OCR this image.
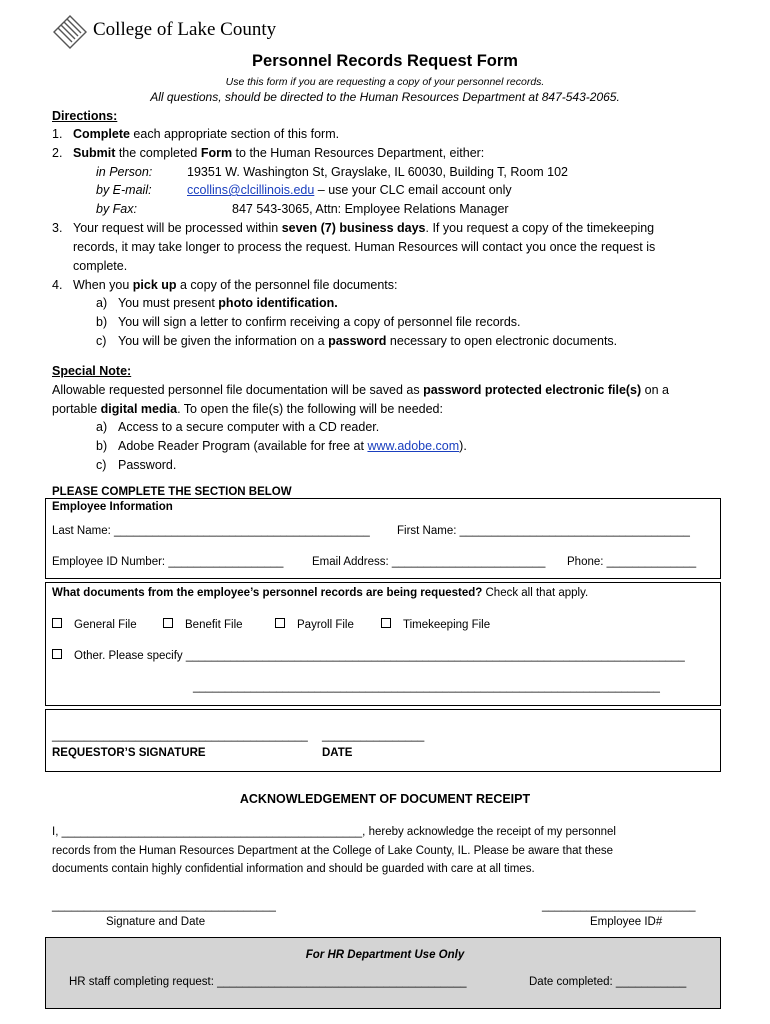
College of Lake County
Personnel Records Request Form
Use this form if you are requesting a copy of your personnel records.
All questions, should be directed to the Human Resources Department at 847-543-2065.
Directions:
1. Complete each appropriate section of this form.
2. Submit the completed Form to the Human Resources Department, either:
in Person:	19351 W. Washington St, Grayslake, IL 60030, Building T, Room 102
by E-mail:	ccollins@clcillinois.edu – use your CLC email account only
by Fax:	847 543-3065, Attn: Employee Relations Manager
3. Your request will be processed within seven (7) business days. If you request a copy of the timekeeping
records, it may take longer to process the request. Human Resources will contact you once the request is
complete.
4. When you pick up a copy of the personnel file documents:
a) You must present photo identification.
b) You will sign a letter to confirm receiving a copy of personnel file records.
c) You will be given the information on a password necessary to open electronic documents.
Special Note:
Allowable requested personnel file documentation will be saved as password protected electronic file(s) on a
portable digital media. To open the file(s) the following will be needed:
a) Access to a secure computer with a CD reader.
b) Adobe Reader Program (available for free at www.adobe.com).
c) Password.
PLEASE COMPLETE THE SECTION BELOW
Employee Information
Last Name: ________________________________________ First Name: ____________________________________
Employee ID Number: __________________ Email Address: ________________________ Phone: ______________
What documents from the employee’s personnel records are being requested? Check all that apply.
General File	Benefit File	Payroll File	Timekeeping File
Other. Please specify ______________________________________________________________________________
_________________________________________________________________________
________________________________________ ________________
REQUESTOR’S SIGNATURE	DATE
ACKNOWLEDGEMENT OF DOCUMENT RECEIPT
I, _______________________________________________, hereby acknowledge the receipt of my personnel
records from the Human Resources Department at the College of Lake County, IL. Please be aware that these
documents contain highly confidential information and should be guarded with care at all times.
___________________________________	________________________
Signature and Date	Employee ID#
For HR Department Use Only
HR staff completing request: _______________________________________	Date completed: ___________
